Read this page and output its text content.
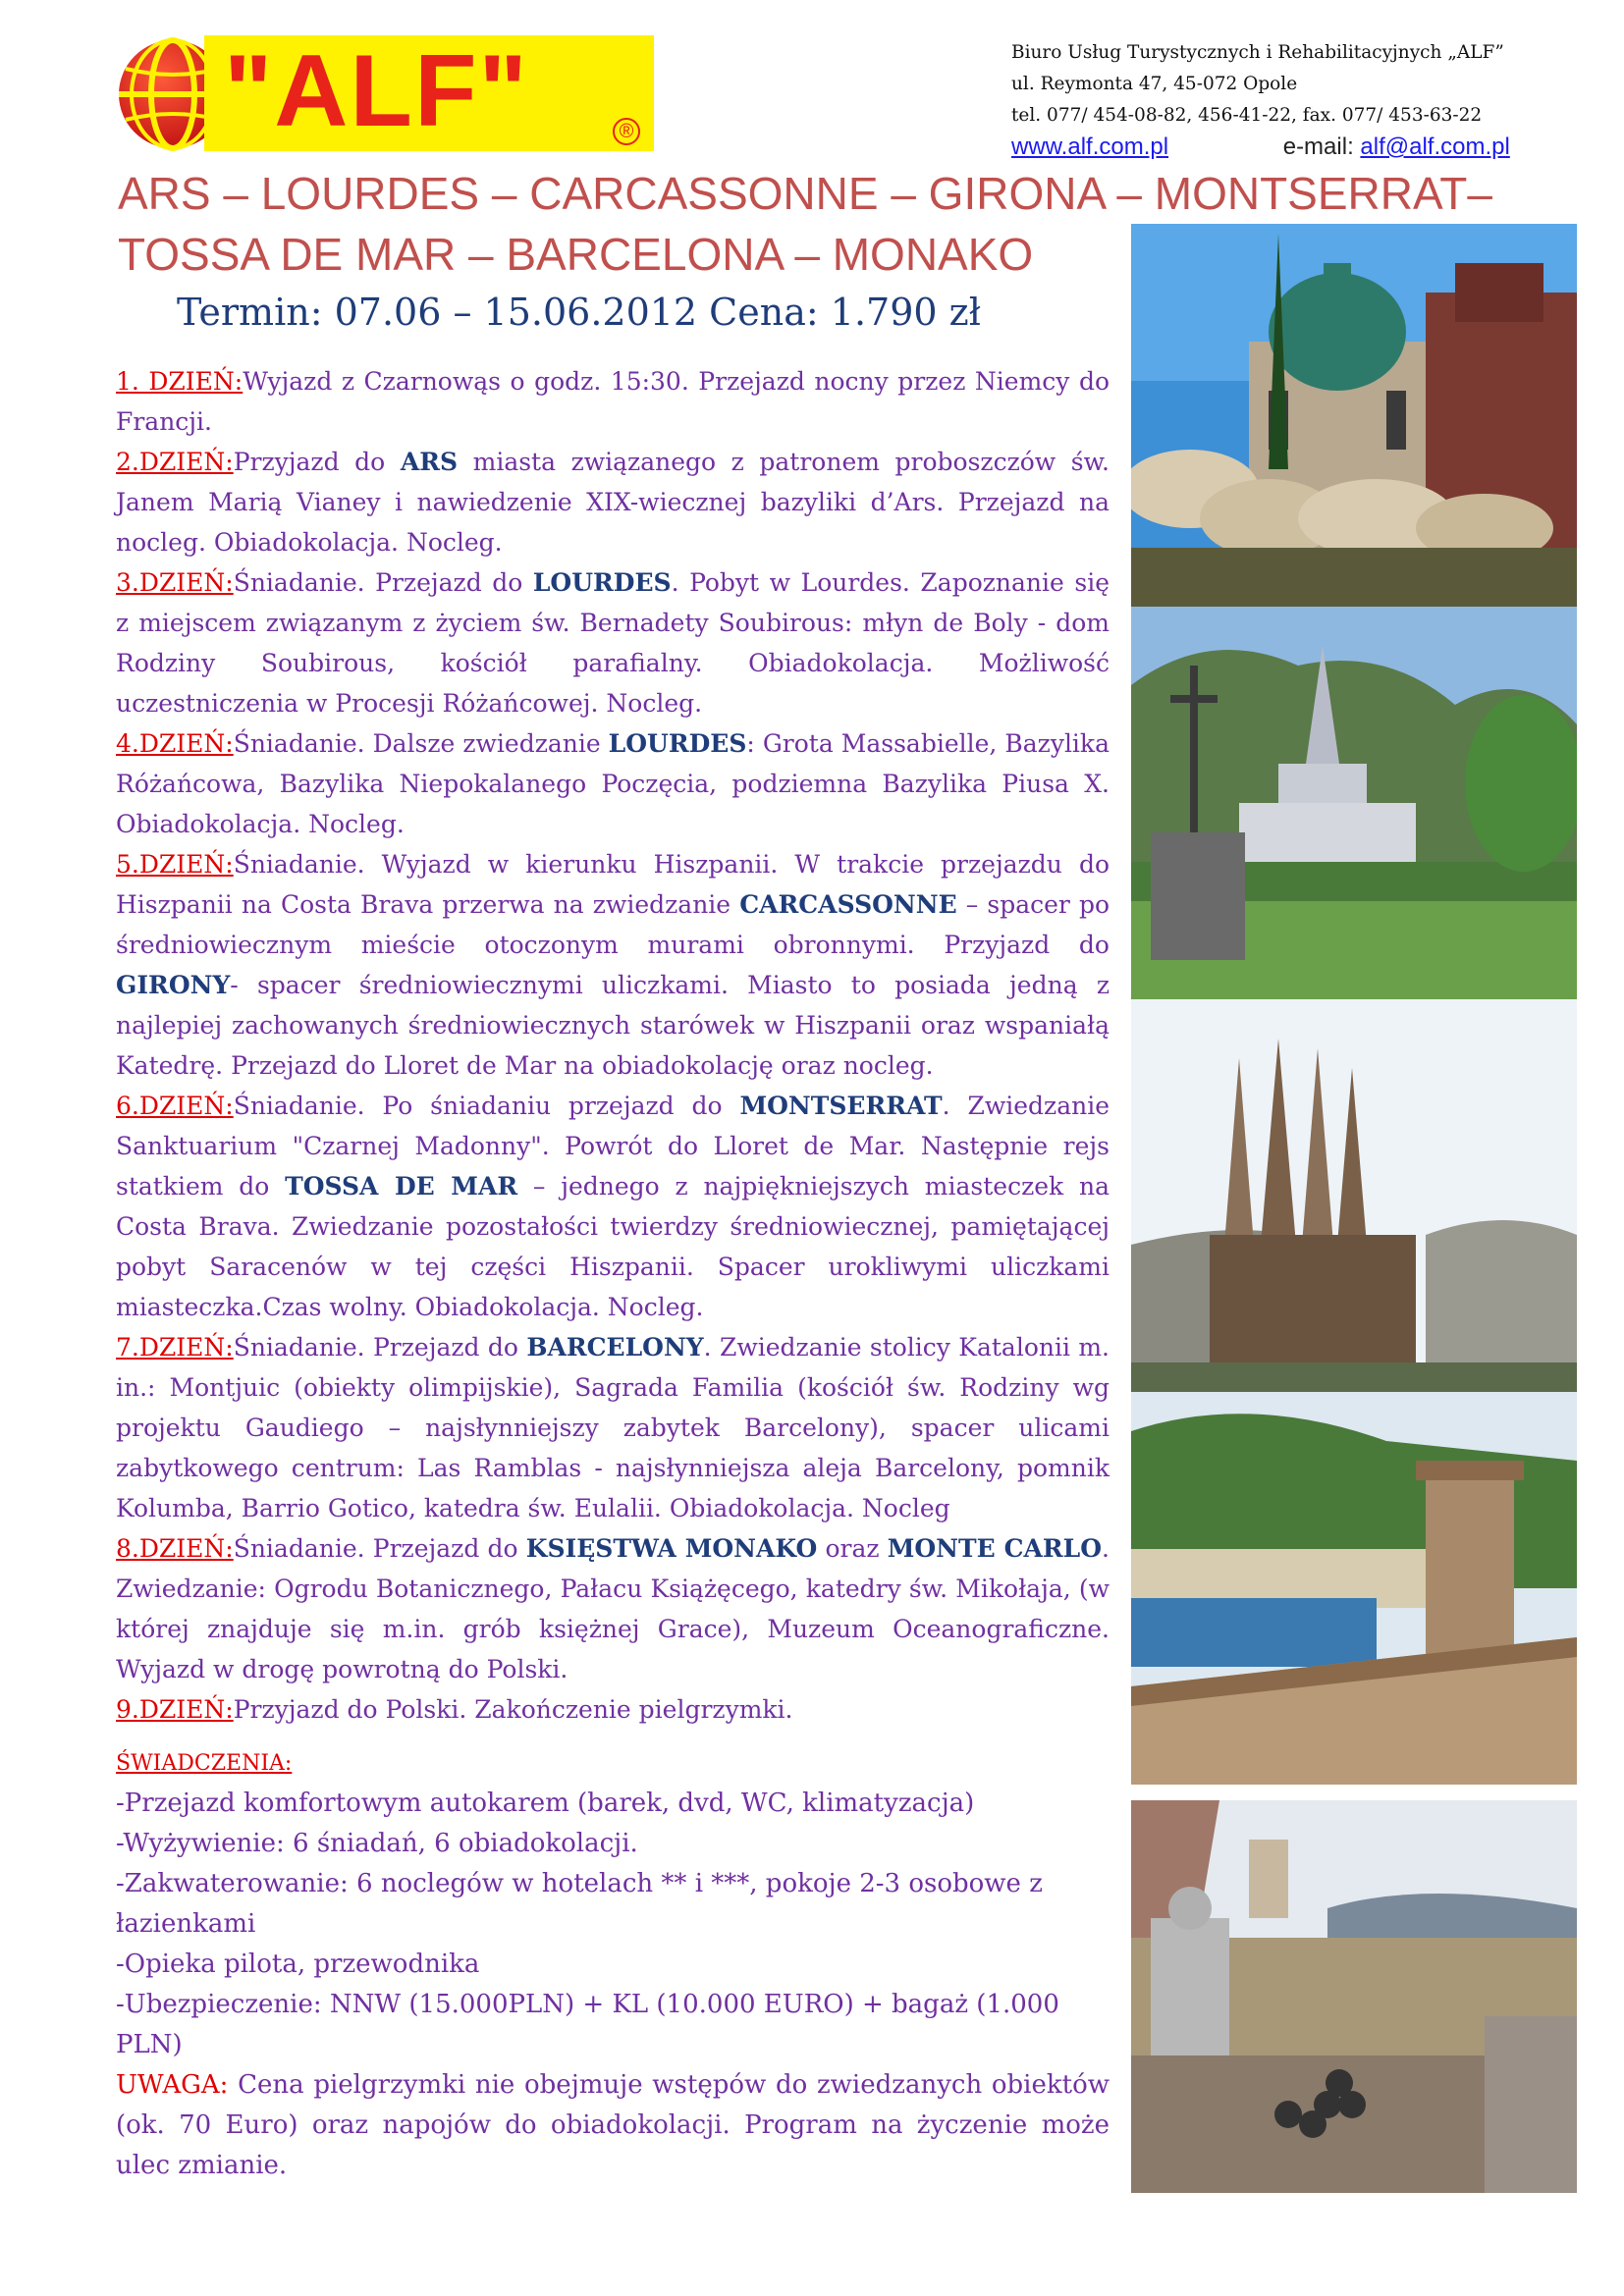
"ALF"	®
Biuro Usług Turystycznych i Rehabilitacyjnych „ALF”
ul. Reymonta 47, 45-072 Opole
tel. 077/ 454-08-82, 456-41-22, fax. 077/ 453-63-22
www.alf.com.pl	e-mail: alf@alf.com.pl
ARS – LOURDES – CARCASSONNE – GIRONA – MONTSERRAT–
TOSSA DE MAR – BARCELONA – MONAKO
Termin: 07.06 – 15.06.2012 Cena: 1.790 zł

1. DZIEŃ:Wyjazd z Czarnowąs o godz. 15:30. Przejazd nocny przez Niemcy do Francji.

2.DZIEŃ:Przyjazd do ARS miasta związanego z patronem proboszczów św. Janem Marią Vianey i nawiedzenie XIX-wiecznej bazyliki d’Ars. Przejazd na nocleg. Obiadokolacja. Nocleg.

3.DZIEŃ:Śniadanie. Przejazd do LOURDES. Pobyt w Lourdes. Zapoznanie się z miejscem związanym z życiem św. Bernadety Soubirous: młyn de Boly - dom Rodziny Soubirous, kościół parafialny. Obiadokolacja. Możliwość uczestniczenia w Procesji Różańcowej. Nocleg.

4.DZIEŃ:Śniadanie. Dalsze zwiedzanie LOURDES: Grota Massabielle, Bazylika Różańcowa, Bazylika Niepokalanego Poczęcia, podziemna Bazylika Piusa X. Obiadokolacja. Nocleg.

5.DZIEŃ:Śniadanie. Wyjazd w kierunku Hiszpanii. W trakcie przejazdu do Hiszpanii na Costa Brava przerwa na zwiedzanie CARCASSONNE – spacer po średniowiecznym mieście otoczonym murami obronnymi. Przyjazd do GIRONY- spacer średniowiecznymi uliczkami. Miasto to posiada jedną z najlepiej zachowanych średniowiecznych starówek w Hiszpanii oraz wspaniałą Katedrę. Przejazd do Lloret de Mar na obiadokolację oraz nocleg.

6.DZIEŃ:Śniadanie. Po śniadaniu przejazd do MONTSERRAT. Zwiedzanie Sanktuarium "Czarnej Madonny". Powrót do Lloret de Mar. Następnie rejs statkiem do TOSSA DE MAR – jednego z najpiękniejszych miasteczek na Costa Brava. Zwiedzanie pozostałości twierdzy średniowiecznej, pamiętającej pobyt Saracenów w tej części Hiszpanii. Spacer urokliwymi uliczkami miasteczka.Czas wolny. Obiadokolacja. Nocleg.

7.DZIEŃ:Śniadanie. Przejazd do BARCELONY. Zwiedzanie stolicy Katalonii m. in.: Montjuic (obiekty olimpijskie), Sagrada Familia (kościół św. Rodziny wg projektu Gaudiego – najsłynniejszy zabytek Barcelony), spacer ulicami zabytkowego centrum: Las Ramblas - najsłynniejsza aleja Barcelony, pomnik Kolumba, Barrio Gotico, katedra św. Eulalii. Obiadokolacja. Nocleg

8.DZIEŃ:Śniadanie. Przejazd do KSIĘSTWA MONAKO oraz MONTE CARLO. Zwiedzanie: Ogrodu Botanicznego, Pałacu Książęcego, katedry św. Mikołaja, (w której znajduje się m.in. grób księżnej Grace), Muzeum Oceanograficzne. Wyjazd w drogę powrotną do Polski.

9.DZIEŃ:Przyjazd do Polski. Zakończenie pielgrzymki.

ŚWIADCZENIA:
-Przejazd komfortowym autokarem (barek, dvd, WC, klimatyzacja)
-Wyżywienie: 6 śniadań, 6 obiadokolacji.
-Zakwaterowanie: 6 noclegów w hotelach ** i ***, pokoje 2-3 osobowe z łazienkami
-Opieka pilota, przewodnika
-Ubezpieczenie: NNW (15.000PLN) + KL (10.000 EURO) + bagaż (1.000 PLN)
UWAGA: Cena pielgrzymki nie obejmuje wstępów do zwiedzanych obiektów (ok. 70 Euro) oraz napojów do obiadokolacji. Program na życzenie może ulec zmianie.
